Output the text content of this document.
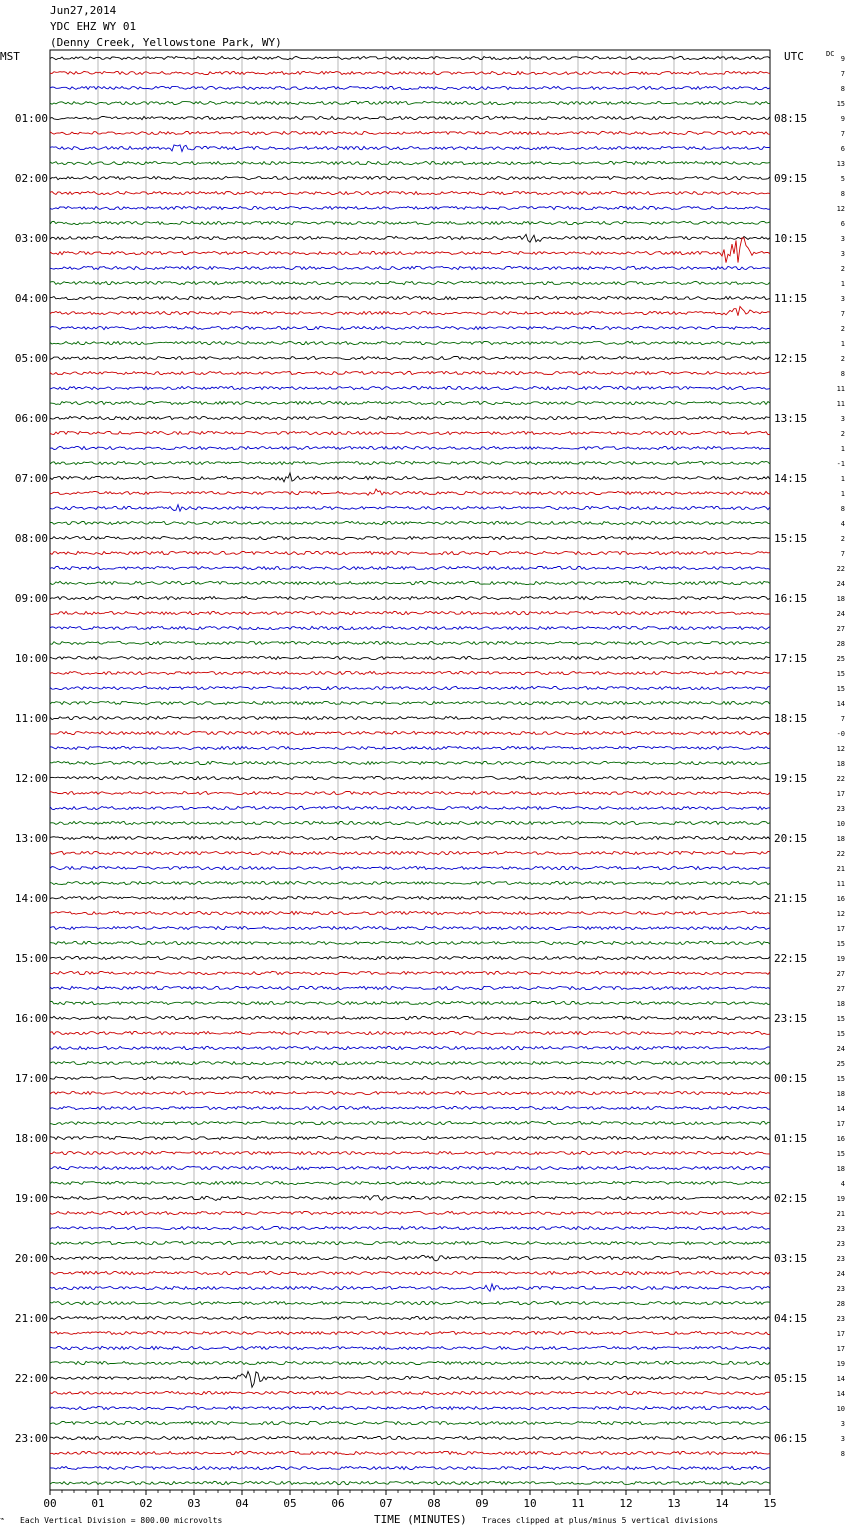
Jun27,2014
YDC EHZ WY 01
(Denny Creek, Yellowstone Park, WY)
MST	UTC	DC
01:00
02:00
03:00
04:00
05:00
06:00
07:00
08:00
09:00
10:00
11:00
12:00
13:00
14:00
15:00
16:00
17:00
18:00
19:00
20:00
21:00
22:00
23:00
08:15
09:15
10:15
11:15
12:15
13:15
14:15
15:15
16:15
17:15
18:15
19:15
20:15
21:15
22:15
23:15
00:15
01:15
02:15
03:15
04:15
05:15
06:15
9
7
8
15
9
7
6
13
5
8
12
6
3
3
2
1
3
7
2
1
2
8
11
11
3
2
1
-1
1
1
8
4
2
7
22
24
18
24
27
28
25
15
15
14
7
-0
12
18
22
17
23
10
18
22
21
11
16
12
17
15
19
27
27
18
15
15
24
25
15
18
14
17
16
15
18
4
19
21
23
23
23
24
23
28
23
17
17
19
14
14
10
3
3
8
00	01	02	03	04	05	06	07	08	09	10	11	12	13	14	15
Each Vertical Division = 800.00 microvolts	TIME (MINUTES) Traces clipped at plus/minus 5 vertical divisions
⌁
